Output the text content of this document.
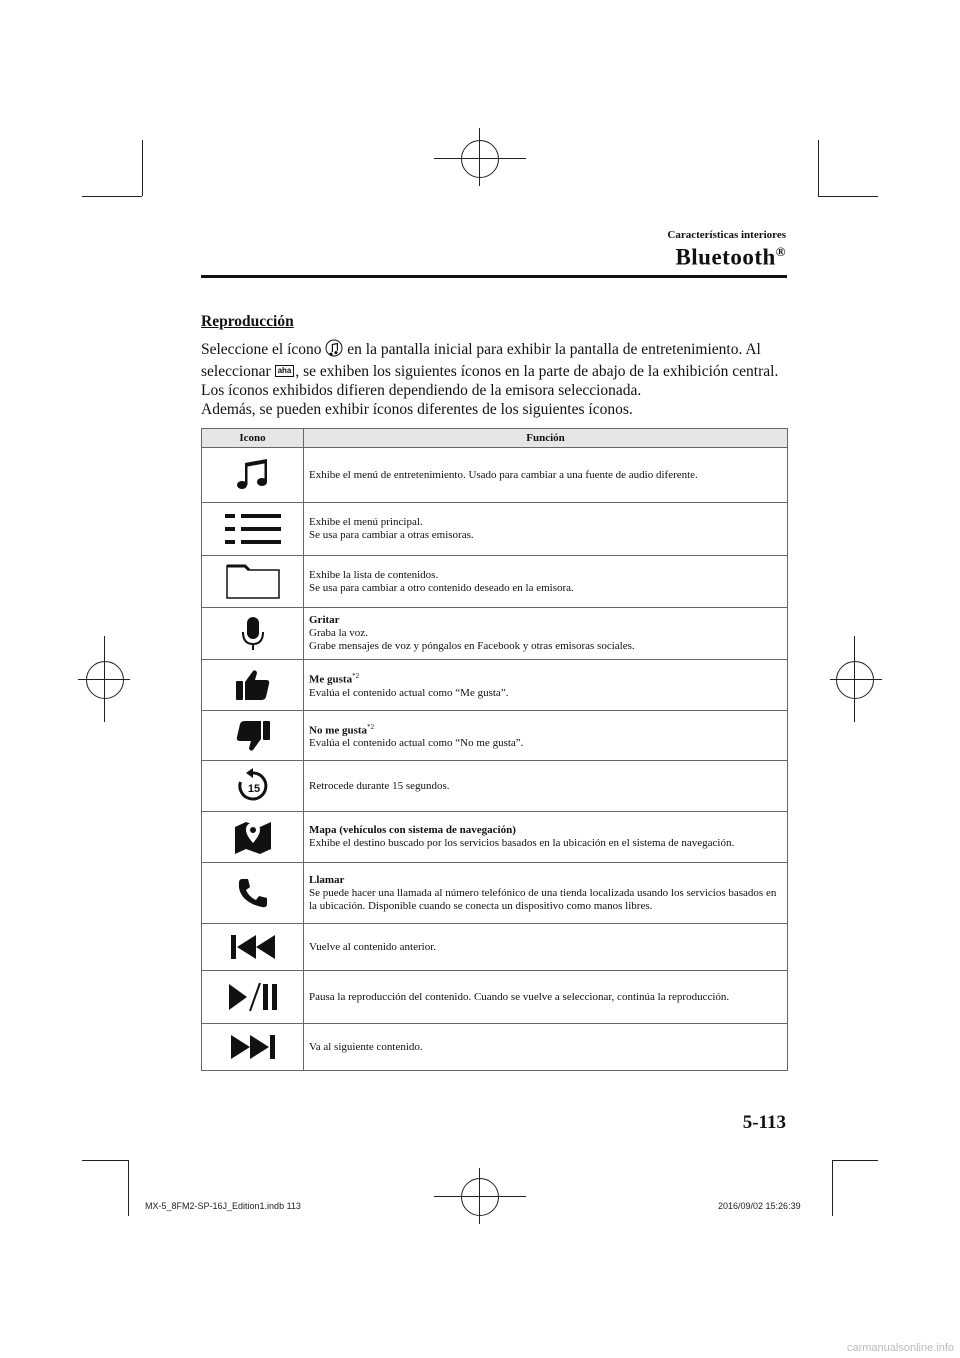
Características interiores
Bluetooth®
Reproducción
Seleccione el ícono  en la pantalla inicial para exhibir la pantalla de entretenimiento. Al seleccionar aha , se exhiben los siguientes íconos en la parte de abajo de la exhibición central. Los íconos exhibidos difieren dependiendo de la emisora seleccionada.
Además, se pueden exhibir íconos diferentes de los siguientes íconos.
Icono	Función

Exhibe el menú de entretenimiento. Usado para cambiar a una fuente de audio diferente.

Exhibe el menú principal.
Se usa para cambiar a otras emisoras.

Exhibe la lista de contenidos.
Se usa para cambiar a otro contenido deseado en la emisora.

Gritar
Graba la voz.
Grabe mensajes de voz y póngalos en Facebook y otras emisoras sociales.

Me gusta$^{*2}$
Evalúa el contenido actual como “Me gusta”.

No me gusta$^{*2}$
Evalúa el contenido actual como “No me gusta”.

15	Retrocede durante 15 segundos.

Mapa (vehículos con sistema de navegación)
Exhibe el destino buscado por los servicios basados en la ubicación en el sistema de navegación.

Llamar
Se puede hacer una llamada al número telefónico de una tienda localizada usando los servicios basados en la ubicación. Disponible cuando se conecta un dispositivo como manos libres.

Vuelve al contenido anterior.

Pausa la reproducción del contenido. Cuando se vuelve a seleccionar, continúa la reproducción.

Va al siguiente contenido.
5-113
MX-5_8FM2-SP-16J_Edition1.indb 113	2016/09/02 15:26:39
carmanualsonline.info
